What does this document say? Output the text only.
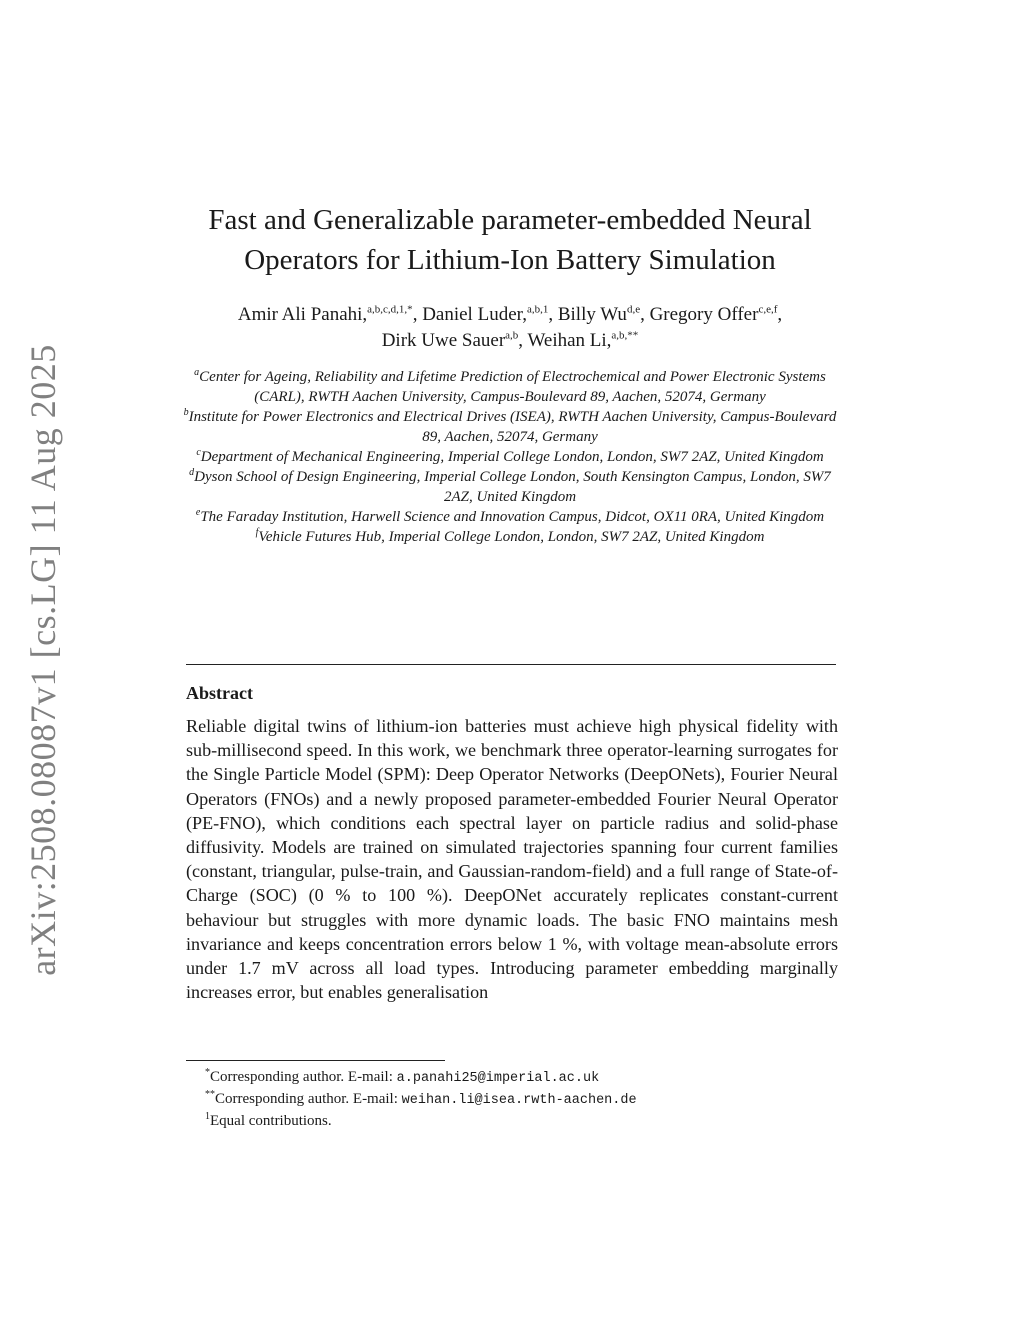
arXiv:2508.08087v1 [cs.LG] 11 Aug 2025
Fast and Generalizable parameter-embedded Neural
Operators for Lithium-Ion Battery Simulation
Amir Ali Panahi,$^{a,b,c,d,1,*}$, Daniel Luder,$^{a,b,1}$, Billy Wu$^{d,e}$, Gregory Offer$^{c,e,f}$,
Dirk Uwe Sauer$^{a,b}$, Weihan Li,$^{a,b,**}$
$^a$Center for Ageing, Reliability and Lifetime Prediction of Electrochemical and Power Electronic Systems (CARL), RWTH Aachen University, Campus-Boulevard 89, Aachen, 52074, Germany
$^b$Institute for Power Electronics and Electrical Drives (ISEA), RWTH Aachen University, Campus-Boulevard 89, Aachen, 52074, Germany
$^c$Department of Mechanical Engineering, Imperial College London, London, SW7 2AZ, United Kingdom
$^d$Dyson School of Design Engineering, Imperial College London, South Kensington Campus, London, SW7 2AZ, United Kingdom
$^e$The Faraday Institution, Harwell Science and Innovation Campus, Didcot, OX11 0RA, United Kingdom
$^f$Vehicle Futures Hub, Imperial College London, London, SW7 2AZ, United Kingdom
Abstract
Reliable digital twins of lithium-ion batteries must achieve high physical fidelity with sub-millisecond speed. In this work, we benchmark three operator-learning surrogates for the Single Particle Model (SPM): Deep Operator Networks (DeepONets), Fourier Neural Operators (FNOs) and a newly proposed parameter-embedded Fourier Neural Operator (PE-FNO), which conditions each spectral layer on particle radius and solid-phase diffusivity. Models are trained on simulated trajectories spanning four current families (constant, triangular, pulse-train, and Gaussian-random-field) and a full range of State-of-Charge (SOC) (0 % to 100 %). DeepONet accurately replicates constant-current behaviour but struggles with more dynamic loads. The basic FNO maintains mesh invariance and keeps concentration errors below 1 %, with voltage mean-absolute errors under 1.7 mV across all load types. Introducing parameter embedding marginally increases error, but enables generalisation
*Corresponding author. E-mail: a.panahi25@imperial.ac.uk
**Corresponding author. E-mail: weihan.li@isea.rwth-aachen.de
$^1$Equal contributions.
